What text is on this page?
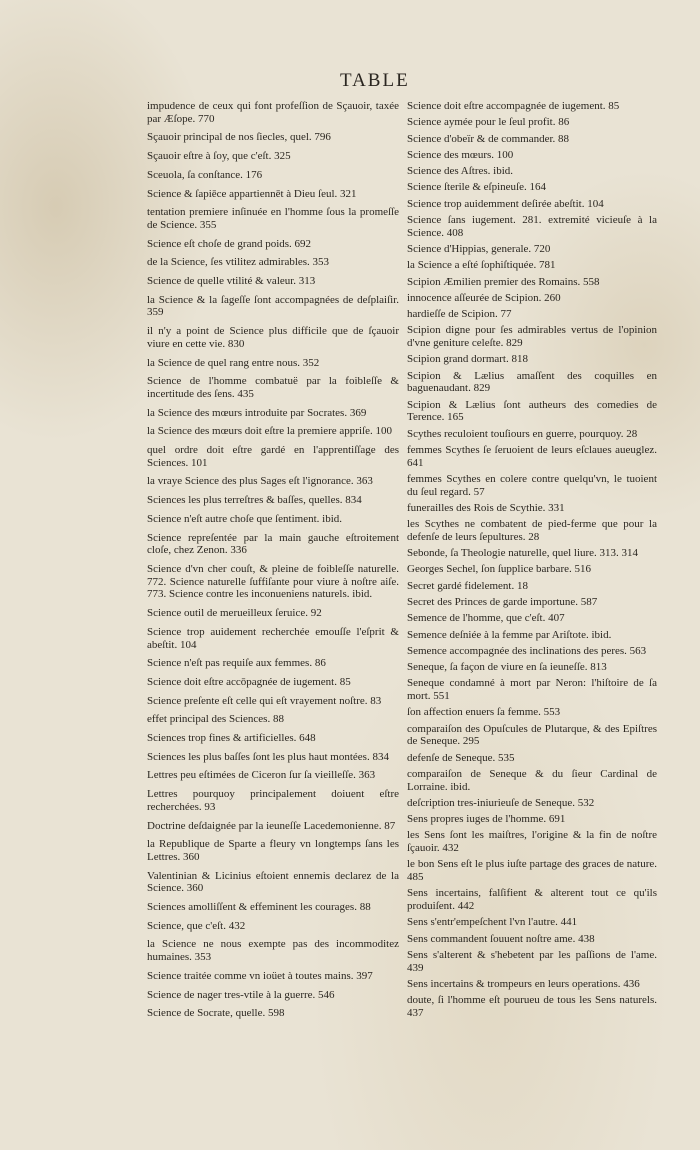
TABLE
impudence de ceux qui font profeſſion de Sçauoir, taxée par Æſope. 770
Sçauoir principal de nos ſiecles, quel. 796
Sçauoir eſtre à ſoy, que c'eſt. 325
Sceuola, ſa conſtance. 176
Science & ſapiēce appartiennēt à Dieu ſeul. 321
tentation premiere inſinuée en l'homme ſous la promeſſe de Science. 355
Science eſt choſe de grand poids. 692
de la Science, ſes vtilitez admirables. 353
Science de quelle vtilité & valeur. 313
la Science & la ſageſſe ſont accompagnées de deſplaiſir. 359
il n'y a point de Science plus difficile que de ſçauoir viure en cette vie. 830
la Science de quel rang entre nous. 352
Science de l'homme combatuë par la foibleſſe & incertitude des ſens. 435
la Science des mœurs introduite par Socrates. 369
la Science des mœurs doit eſtre la premiere appriſe. 100
quel ordre doit eſtre gardé en l'apprentiſſage des Sciences. 101
la vraye Science des plus Sages eſt l'ignorance. 363
Sciences les plus terreſtres & baſſes, quelles. 834
Science n'eſt autre choſe que ſentiment. ibid.
Science repreſentée par la main gauche eſtroitement cloſe, chez Zenon. 336
Science d'vn cher couſt, & pleine de foibleſſe naturelle. 772. Science naturelle ſuffiſante pour viure à noſtre aiſe. 773. Science contre les inconueniens naturels. ibid.
Science outil de merueilleux ſeruice. 92
Science trop auidement recherchée emouſſe l'eſprit & abeſtit. 104
Science n'eſt pas requiſe aux femmes. 86
Science doit eſtre accōpagnée de iugement. 85
Science preſente eſt celle qui eſt vrayement noſtre. 83
effet principal des Sciences. 88
Sciences trop fines & artificielles. 648
Sciences les plus baſſes ſont les plus haut montées. 834
Lettres peu eſtimées de Ciceron ſur ſa vieilleſſe. 363
Lettres pourquoy principalement doiuent eſtre recherchées. 93
Doctrine deſdaignée par la ieuneſſe Lacedemonienne. 87
la Republique de Sparte a fleury vn longtemps ſans les Lettres. 360
Valentinian & Licinius eſtoient ennemis declarez de la Science. 360
Sciences amolliſſent & effeminent les courages. 88
Science, que c'eſt. 432
la Science ne nous exempte pas des incommoditez humaines. 353
Science traitée comme vn ioüet à toutes mains. 397
Science de nager tres-vtile à la guerre. 546
Science de Socrate, quelle. 598
Science doit eſtre accompagnée de iugement. 85
Science aymée pour le ſeul profit. 86
Science d'obeïr & de commander. 88
Science des mœurs. 100
Science des Aſtres. ibid.
Science ſterile & eſpineuſe. 164
Science trop auidemment deſirée abeſtit. 104
Science ſans iugement. 281. extremité vicieuſe à la Science. 408
Science d'Hippias, generale. 720
la Science a eſté ſophiſtiquée. 781
Scipion Æmilien premier des Romains. 558
innocence aſſeurée de Scipion. 260
hardieſſe de Scipion. 77
Scipion digne pour ſes admirables vertus de l'opinion d'vne geniture celeſte. 829
Scipion grand dormart. 818
Scipion & Lælius amaſſent des coquilles en baguenaudant. 829
Scipion & Lælius ſont autheurs des comedies de Terence. 165
Scythes reculoient touſiours en guerre, pourquoy. 28
femmes Scythes ſe ſeruoient de leurs eſclaues aueuglez. 641
femmes Scythes en colere contre quelqu'vn, le tuoient du ſeul regard. 57
funerailles des Rois de Scythie. 331
les Scythes ne combatent de pied-ferme que pour la defenſe de leurs ſepultures. 28
Sebonde, ſa Theologie naturelle, quel liure. 313. 314
Georges Sechel, ſon ſupplice barbare. 516
Secret gardé fidelement. 18
Secret des Princes de garde importune. 587
Semence de l'homme, que c'eſt. 407
Semence deſniée à la femme par Ariſtote. ibid.
Semence accompagnée des inclinations des peres. 563
Seneque, ſa façon de viure en ſa ieuneſſe. 813
Seneque condamné à mort par Neron: l'hiſtoire de ſa mort. 551
ſon affection enuers ſa femme. 553
comparaiſon des Opuſcules de Plutarque, & des Epiſtres de Seneque. 295
defenſe de Seneque. 535
comparaiſon de Seneque & du ſieur Cardinal de Lorraine. ibid.
deſcription tres-iniurieuſe de Seneque. 532
Sens propres iuges de l'homme. 691
les Sens ſont les maiſtres, l'origine & la fin de noſtre ſçauoir. 432
le bon Sens eſt le plus iuſte partage des graces de nature. 485
Sens incertains, falſifient & alterent tout ce qu'ils produiſent. 442
Sens s'entr'empeſchent l'vn l'autre. 441
Sens commandent ſouuent noſtre ame. 438
Sens s'alterent & s'hebetent par les paſſions de l'ame. 439
Sens incertains & trompeurs en leurs operations. 436
doute, ſi l'homme eſt pourueu de tous les Sens naturels. 437
